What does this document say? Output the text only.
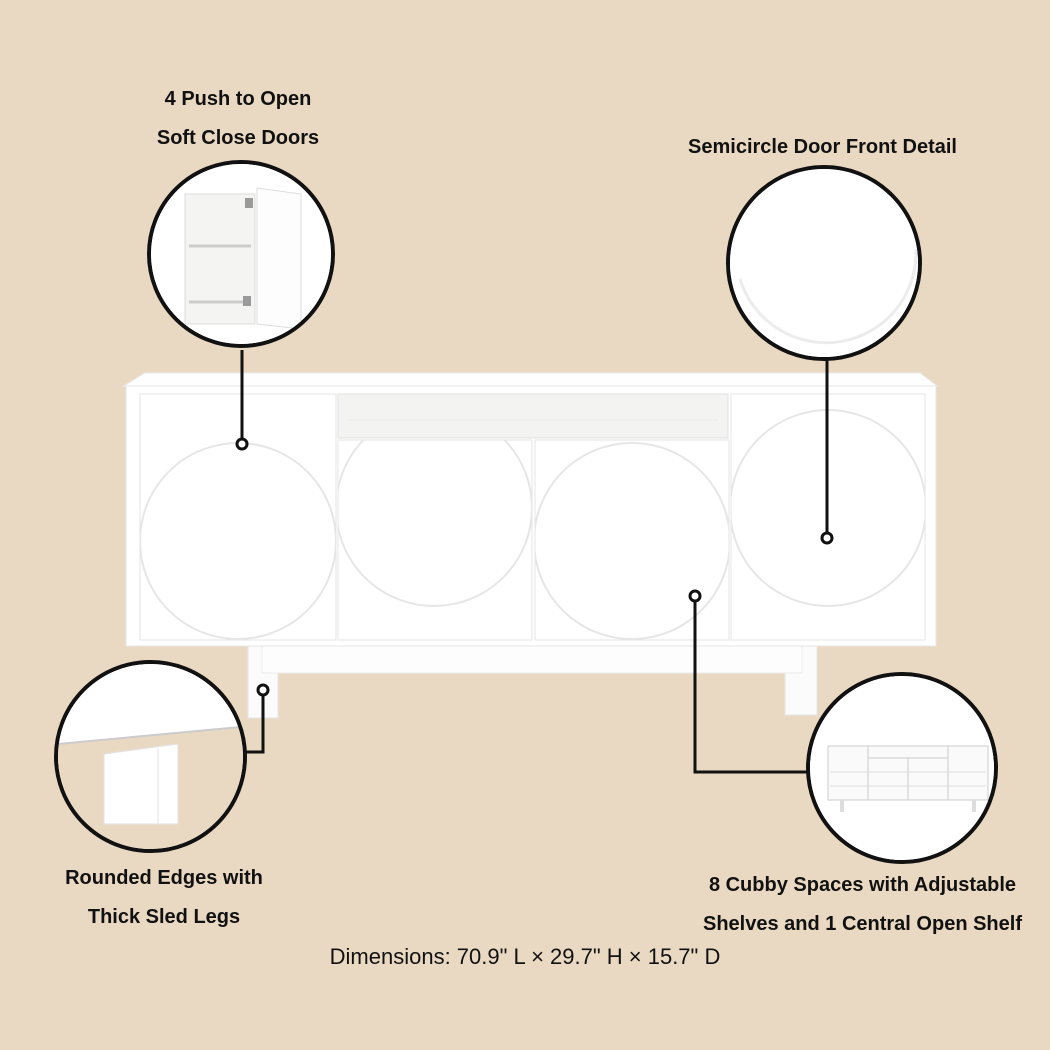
4 Push to Open
Soft Close Doors	Semicircle Door Front Detail
Rounded Edges with
Thick Sled Legs
8 Cubby Spaces with Adjustable
Shelves and 1 Central Open Shelf
Dimensions: 70.9" L × 29.7" H × 15.7" D
